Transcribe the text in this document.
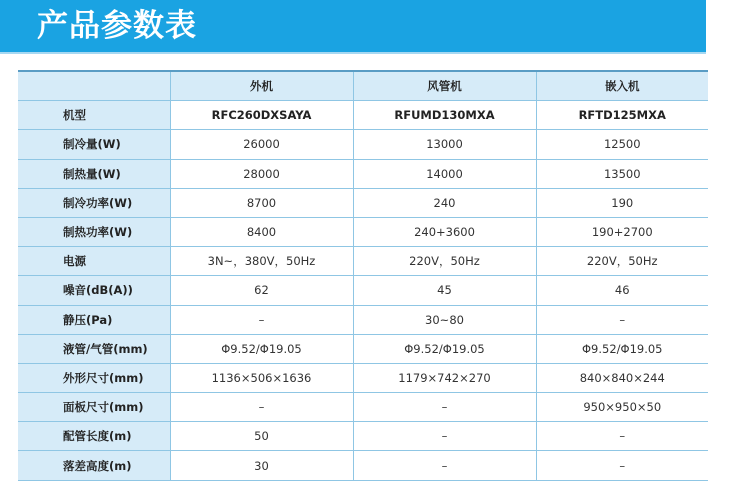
产品参数表
	外机	风管机	嵌入机
机型	RFC260DXSAYA	RFUMD130MXA	RFTD125MXA
制冷量(W)	26000	13000	12500
制热量(W)	28000	14000	13500
制冷功率(W)	8700	240	190
制热功率(W)	8400	240+3600	190+2700
电源	3N~，380V，50Hz	220V，50Hz	220V，50Hz
噪音(dB(A))	62	45	46
静压(Pa)	–	30~80	–
液管/气管(mm)	Φ9.52/Φ19.05	Φ9.52/Φ19.05	Φ9.52/Φ19.05
外形尺寸(mm)	1136×506×1636	1179×742×270	840×840×244
面板尺寸(mm)	–	–	950×950×50
配管长度(m)	50	–	–
落差高度(m)	30	–	–
